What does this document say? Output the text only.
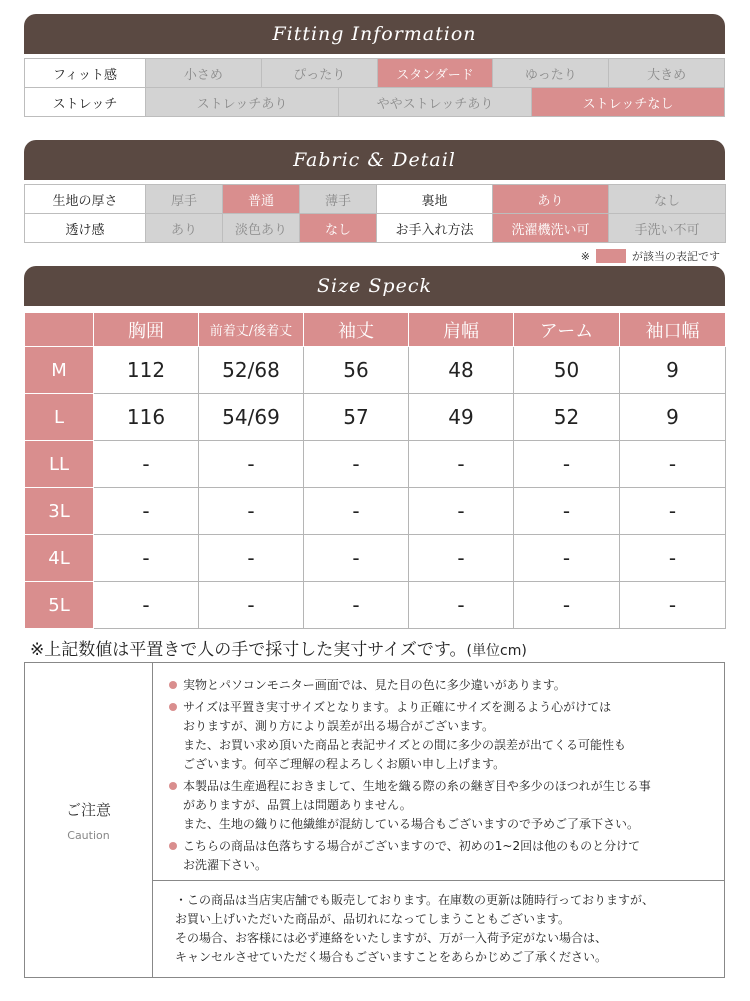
Fitting Information
フィット感	小さめ	ぴったり	スタンダード	ゆったり	大きめ
ストレッチ	ストレッチあり	ややストレッチあり	ストレッチなし
Fabric & Detail
生地の厚さ	厚手	普通	薄手	裏地	あり	なし
透け感	あり	淡色あり	なし	お手入れ方法	洗濯機洗い可	手洗い不可
※	が該当の表記です
Size Speck
	胸囲	前着丈/後着丈	袖丈	肩幅	アーム	袖口幅
M	112	52/68	56	48	50	9
L	116	54/69	57	49	52	9
LL	-	-	-	-	-	-
3L	-	-	-	-	-	-
4L	-	-	-	-	-	-
5L	-	-	-	-	-	-
※上記数値は平置きで人の手で採寸した実寸サイズです。(単位cm)
ご注意
Caution
実物とパソコンモニター画面では、見た目の色に多少違いがあります。
サイズは平置き実寸サイズとなります。より正確にサイズを測るよう心がけては
おりますが、測り方により誤差が出る場合がございます。
また、お買い求め頂いた商品と表記サイズとの間に多少の誤差が出てくる可能性も
ございます。何卒ご理解の程よろしくお願い申し上げます。
本製品は生産過程におきまして、生地を織る際の糸の継ぎ目や多少のほつれが生じる事
がありますが、品質上は問題ありません。
また、生地の織りに他繊維が混紡している場合もございますので予めご了承下さい。
こちらの商品は色落ちする場合がございますので、初めの1~2回は他のものと分けて
お洗濯下さい。
・この商品は当店実店舗でも販売しております。在庫数の更新は随時行っておりますが、
お買い上げいただいた商品が、品切れになってしまうこともございます。
その場合、お客様には必ず連絡をいたしますが、万が一入荷予定がない場合は、
キャンセルさせていただく場合もございますことをあらかじめご了承ください。
